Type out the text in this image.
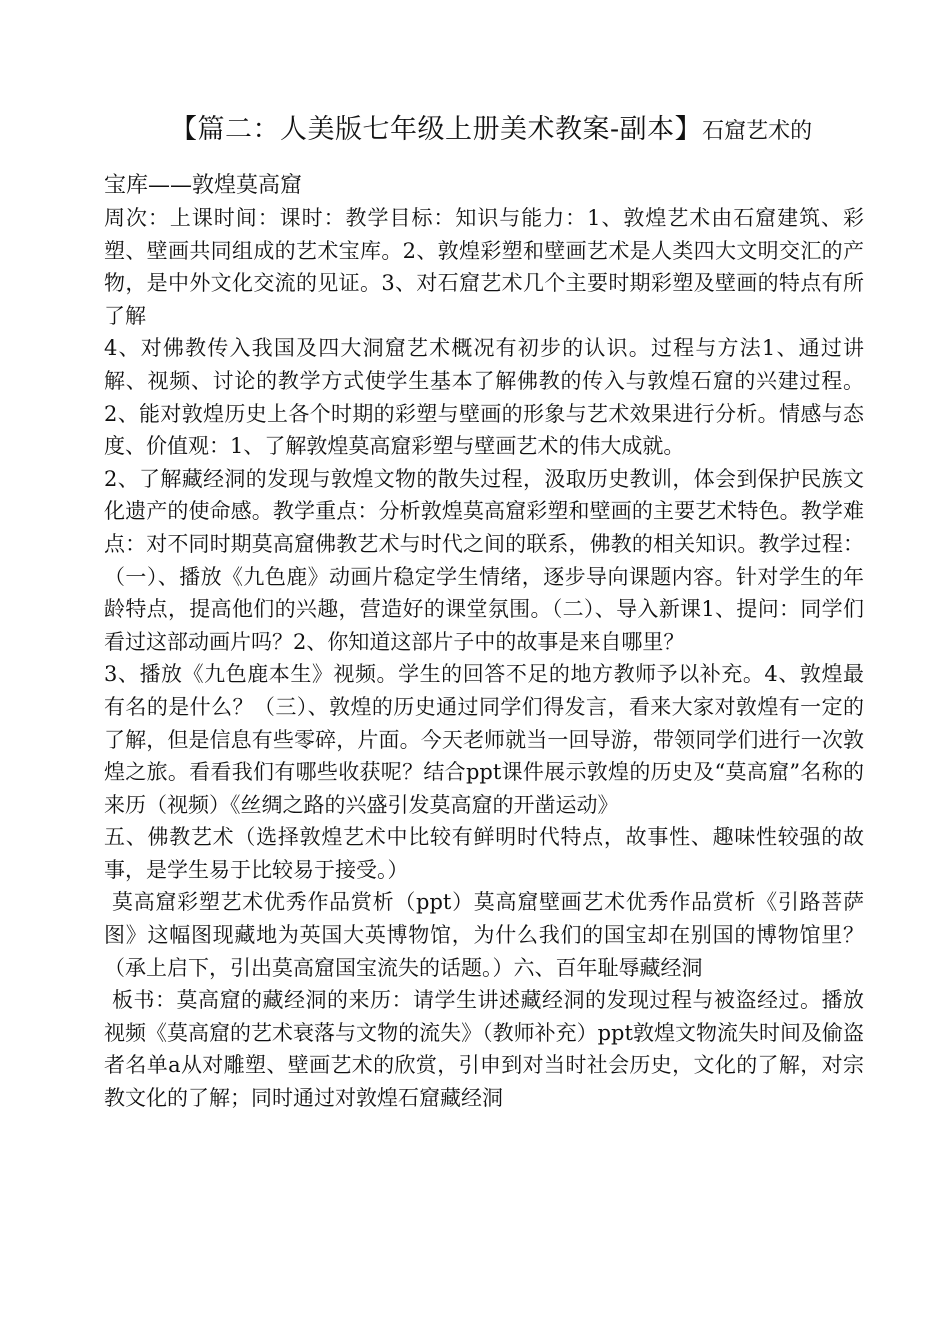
【篇二：人美版七年级上册美术教案-副本】石窟艺术的
宝库——敦煌莫高窟

周次：上课时间：课时：教学目标：知识与能力：1、敦煌艺术由石窟建筑、彩塑、壁画共同组成的艺术宝库。2、敦煌彩塑和壁画艺术是人类四大文明交汇的产物，是中外文化交流的见证。3、对石窟艺术几个主要时期彩塑及壁画的特点有所了解

4、对佛教传入我国及四大洞窟艺术概况有初步的认识。过程与方法1、通过讲解、视频、讨论的教学方式使学生基本了解佛教的传入与敦煌石窟的兴建过程。2、能对敦煌历史上各个时期的彩塑与壁画的形象与艺术效果进行分析。情感与态度、价值观：1、了解敦煌莫高窟彩塑与壁画艺术的伟大成就。

2、了解藏经洞的发现与敦煌文物的散失过程，汲取历史教训，体会到保护民族文化遗产的使命感。教学重点：分析敦煌莫高窟彩塑和壁画的主要艺术特色。教学难点：对不同时期莫高窟佛教艺术与时代之间的联系，佛教的相关知识。教学过程：（一）、播放《九色鹿》动画片稳定学生情绪，逐步导向课题内容。针对学生的年龄特点，提高他们的兴趣，营造好的课堂氛围。（二）、导入新课1、提问：同学们看过这部动画片吗？2、你知道这部片子中的故事是来自哪里？

3、播放《九色鹿本生》视频。学生的回答不足的地方教师予以补充。4、敦煌最有名的是什么？（三）、敦煌的历史通过同学们得发言，看来大家对敦煌有一定的了解，但是信息有些零碎，片面。今天老师就当一回导游，带领同学们进行一次敦煌之旅。看看我们有哪些收获呢？结合ppt课件展示敦煌的历史及“莫高窟”名称的来历（视频）《丝绸之路的兴盛引发莫高窟的开凿运动》

五、佛教艺术（选择敦煌艺术中比较有鲜明时代特点，故事性、趣味性较强的故事，是学生易于比较易于接受。）

莫高窟彩塑艺术优秀作品赏析（ppt）莫高窟壁画艺术优秀作品赏析《引路菩萨图》这幅图现藏地为英国大英博物馆，为什么我们的国宝却在别国的博物馆里？（承上启下，引出莫高窟国宝流失的话题。）六、百年耻辱藏经洞

板书：莫高窟的藏经洞的来历：请学生讲述藏经洞的发现过程与被盗经过。播放视频《莫高窟的艺术衰落与文物的流失》（教师补充）ppt敦煌文物流失时间及偷盗者名单a从对雕塑、壁画艺术的欣赏，引申到对当时社会历史，文化的了解，对宗教文化的了解；同时通过对敦煌石窟藏经洞
